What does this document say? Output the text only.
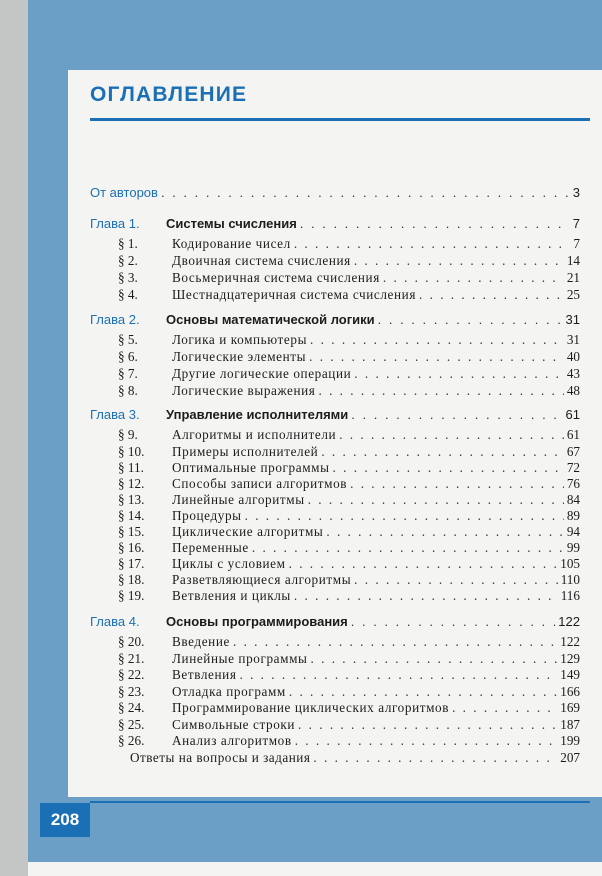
ОГЛАВЛЕНИЕ
От авторов . . .	3
Глава 1.	Системы счисления . . .	7
§ 1.	Кодирование чисел . . .	7
§ 2.	Двоичная система счисления . . .	14
§ 3.	Восьмеричная система счисления . . .	21
§ 4.	Шестнадцатеричная система счисления . . .	25
Глава 2.	Основы математической логики . . .	31
§ 5.	Логика и компьютеры . . .	31
§ 6.	Логические элементы . . .	40
§ 7.	Другие логические операции . . .	43
§ 8.	Логические выражения . . .	48
Глава 3.	Управление исполнителями . . .	61
§ 9.	Алгоритмы и исполнители . . .	61
§ 10.	Примеры исполнителей . . .	67
§ 11.	Оптимальные программы . . .	72
§ 12.	Способы записи алгоритмов . . .	76
§ 13.	Линейные алгоритмы . . .	84
§ 14.	Процедуры . . .	89
§ 15.	Циклические алгоритмы . . .	94
§ 16.	Переменные . . .	99
§ 17.	Циклы с условием . . .	105
§ 18.	Разветвляющиеся алгоритмы . . .	110
§ 19.	Ветвления и циклы . . .	116
Глава 4.	Основы программирования . . .	122
§ 20.	Введение . . .	122
§ 21.	Линейные программы . . .	129
§ 22.	Ветвления . . .	149
§ 23.	Отладка программ . . .	166
§ 24.	Программирование циклических алгоритмов . . .	169
§ 25.	Символьные строки . . .	187
§ 26.	Анализ алгоритмов . . .	199
Ответы на вопросы и задания . . .	207
208
